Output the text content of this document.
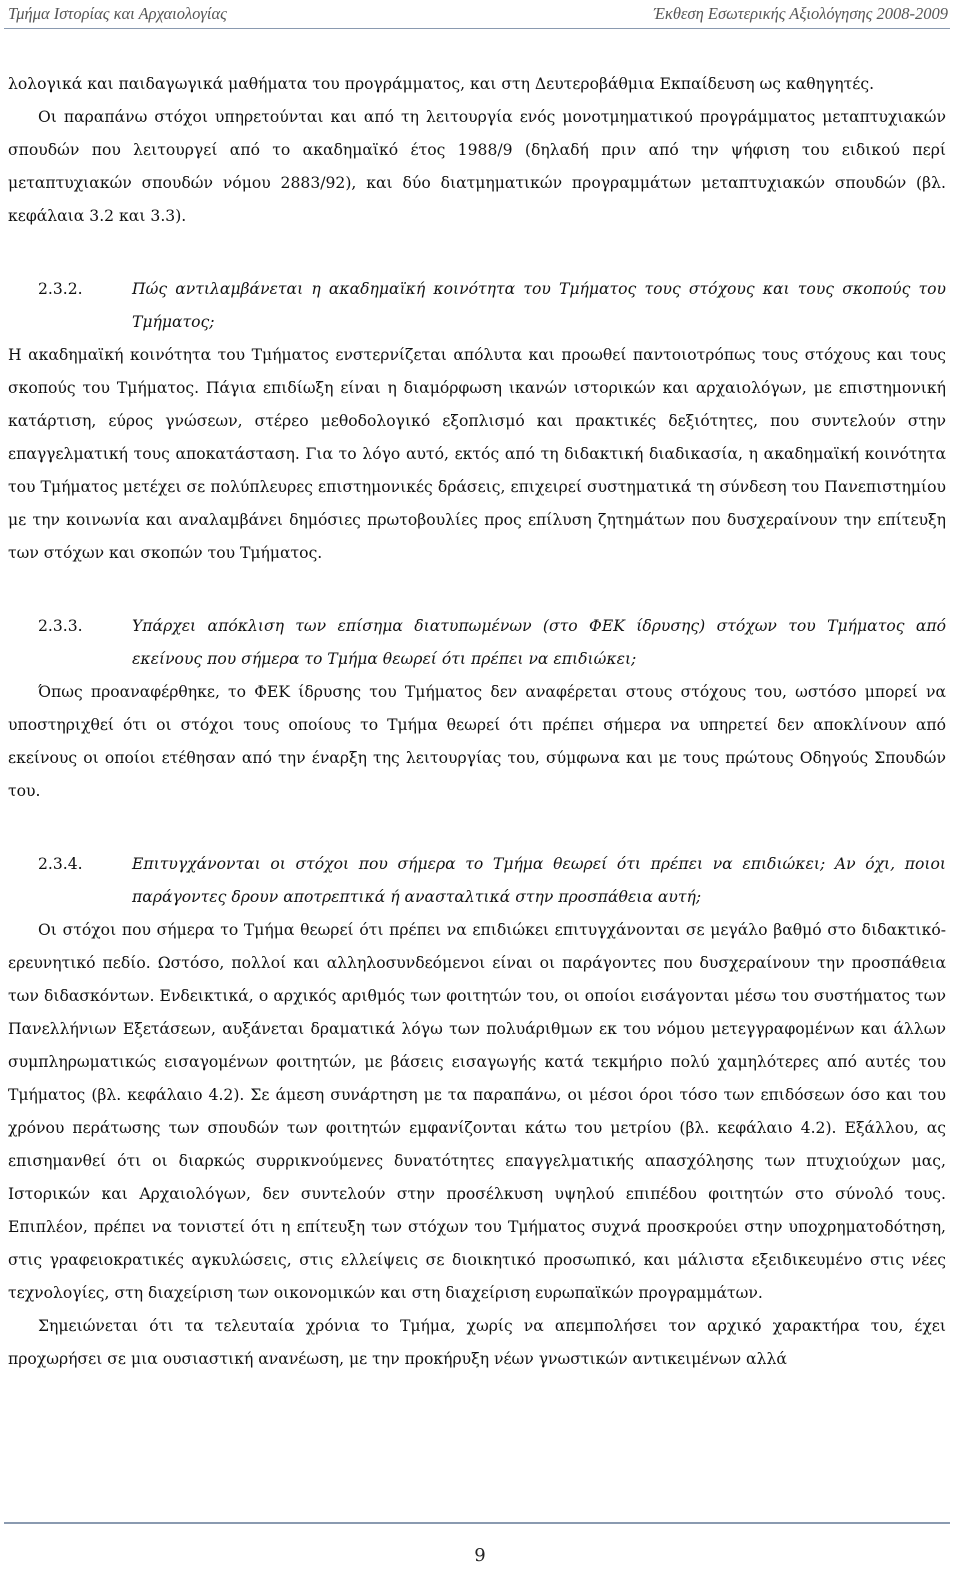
Τμήμα Ιστορίας και Αρχαιολογίας	Έκθεση Εσωτερικής Αξιολόγησης 2008-2009

λολογικά και παιδαγωγικά μαθήματα του προγράμματος, και στη Δευτεροβάθμια Εκπαίδευση ως καθηγητές.

Οι παραπάνω στόχοι υπηρετούνται και από τη λειτουργία ενός μονοτμηματικού προγράμματος μεταπτυχιακών σπουδών που λειτουργεί από το ακαδημαϊκό έτος 1988/9 (δηλαδή πριν από την ψήφιση του ειδικού περί μεταπτυχιακών σπουδών νόμου 2883/92), και δύο διατμηματικών προγραμμάτων μεταπτυχιακών σπουδών (βλ. κεφάλαια 3.2 και 3.3).

2.3.2.	Πώς αντιλαμβάνεται η ακαδημαϊκή κοινότητα του Τμήματος τους στόχους και τους σκοπούς του Τμήματος;

Η ακαδημαϊκή κοινότητα του Τμήματος ενστερνίζεται απόλυτα και προωθεί παντοιοτρόπως τους στόχους και τους σκοπούς του Τμήματος. Πάγια επιδίωξη είναι η διαμόρφωση ικανών ιστορικών και αρχαιολόγων, με επιστημονική κατάρτιση, εύρος γνώσεων, στέρεο μεθοδολογικό εξοπλισμό και πρακτικές δεξιότητες, που συντελούν στην επαγγελματική τους αποκατάσταση. Για το λόγο αυτό, εκτός από τη διδακτική διαδικασία, η ακαδημαϊκή κοινότητα του Τμήματος μετέχει σε πολύπλευρες επιστημονικές δράσεις, επιχειρεί συστηματικά τη σύνδεση του Πανεπιστημίου με την κοινωνία και αναλαμβάνει δημόσιες πρωτοβουλίες προς επίλυση ζητημάτων που δυσχεραίνουν την επίτευξη των στόχων και σκοπών του Τμήματος.

2.3.3.	Υπάρχει απόκλιση των επίσημα διατυπωμένων (στο ΦΕΚ ίδρυσης) στόχων του Τμήματος από εκείνους που σήμερα το Τμήμα θεωρεί ότι πρέπει να επιδιώκει;

Όπως προαναφέρθηκε, το ΦΕΚ ίδρυσης του Τμήματος δεν αναφέρεται στους στόχους του, ωστόσο μπορεί να υποστηριχθεί ότι οι στόχοι τους οποίους το Τμήμα θεωρεί ότι πρέπει σήμερα να υπηρετεί δεν αποκλίνουν από εκείνους οι οποίοι ετέθησαν από την έναρξη της λειτουργίας του, σύμφωνα και με τους πρώτους Οδηγούς Σπουδών του.

2.3.4.	Επιτυγχάνονται οι στόχοι που σήμερα το Τμήμα θεωρεί ότι πρέπει να επιδιώκει; Αν όχι, ποιοι παράγοντες δρουν αποτρεπτικά ή ανασταλτικά στην προσπάθεια αυτή;

Οι στόχοι που σήμερα το Τμήμα θεωρεί ότι πρέπει να επιδιώκει επιτυγχάνονται σε μεγάλο βαθμό στο διδακτικό-ερευνητικό πεδίο. Ωστόσο, πολλοί και αλληλοσυνδεόμενοι είναι οι παράγοντες που δυσχεραίνουν την προσπάθεια των διδασκόντων. Ενδεικτικά, ο αρχικός αριθμός των φοιτητών του, οι οποίοι εισάγονται μέσω του συστήματος των Πανελλήνιων Εξετάσεων, αυξάνεται δραματικά λόγω των πολυάριθμων εκ του νόμου μετεγγραφομένων και άλλων συμπληρωματικώς εισαγομένων φοιτητών, με βάσεις εισαγωγής κατά τεκμήριο πολύ χαμηλότερες από αυτές του Τμήματος (βλ. κεφάλαιο 4.2). Σε άμεση συνάρτηση με τα παραπάνω, οι μέσοι όροι τόσο των επιδόσεων όσο και του χρόνου περάτωσης των σπουδών των φοιτητών εμφανίζονται κάτω του μετρίου (βλ. κεφάλαιο 4.2). Εξάλλου, ας επισημανθεί ότι οι διαρκώς συρρικνούμενες δυνατότητες επαγγελματικής απασχόλησης των πτυχιούχων μας, Ιστορικών και Αρχαιολόγων, δεν συντελούν στην προσέλκυση υψηλού επιπέδου φοιτητών στο σύνολό τους. Επιπλέον, πρέπει να τονιστεί ότι η επίτευξη των στόχων του Τμήματος συχνά προσκρούει στην υποχρηματοδότηση, στις γραφειοκρατικές αγκυλώσεις, στις ελλείψεις σε διοικητικό προσωπικό, και μάλιστα εξειδικευμένο στις νέες τεχνολογίες, στη διαχείριση των οικονομικών και στη διαχείριση ευρωπαϊκών προγραμμάτων.

Σημειώνεται ότι τα τελευταία χρόνια το Τμήμα, χωρίς να απεμπολήσει τον αρχικό χαρακτήρα του, έχει προχωρήσει σε μια ουσιαστική ανανέωση, με την προκήρυξη νέων γνωστικών αντικειμένων αλλά

9
